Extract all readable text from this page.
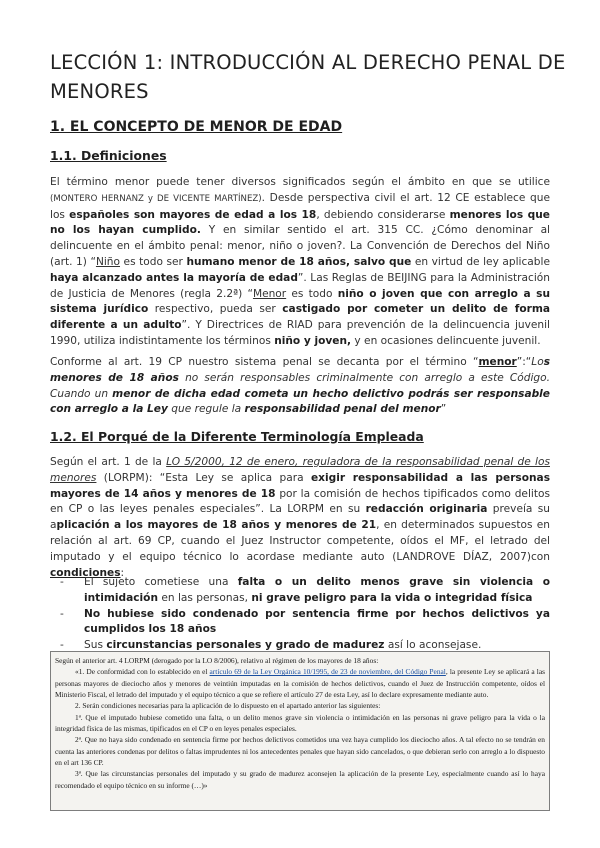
LECCIÓN 1: INTRODUCCIÓN AL DERECHO PENAL DE MENORES
1. EL CONCEPTO DE MENOR DE EDAD
1.1. Definiciones
El término menor puede tener diversos significados según el ámbito en que se utilice (MONTERO HERNANZ y DE VICENTE MARTÍNEZ). Desde perspectiva civil el art. 12 CE establece que los españoles son mayores de edad a los 18, debiendo considerarse menores los que no los hayan cumplido. Y en similar sentido el art. 315 CC. ¿Cómo denominar al delincuente en el ámbito penal: menor, niño o joven?. La Convención de Derechos del Niño (art. 1) “Niño es todo ser humano menor de 18 años, salvo que en virtud de ley aplicable haya alcanzado antes la mayoría de edad”. Las Reglas de BEIJING para la Administración de Justicia de Menores (regla 2.2ª) “Menor es todo niño o joven que con arreglo a su sistema jurídico respectivo, pueda ser castigado por cometer un delito de forma diferente a un adulto”. Y Directrices de RIAD para prevención de la delincuencia juvenil 1990, utiliza indistintamente los términos niño y joven, y en ocasiones delincuente juvenil.
Conforme al art. 19 CP nuestro sistema penal se decanta por el término “menor”:“Los menores de 18 años no serán responsables criminalmente con arreglo a este Código. Cuando un menor de dicha edad cometa un hecho delictivo podrás ser responsable con arreglo a la Ley que regule la responsabilidad penal del menor”
1.2. El Porqué de la Diferente Terminología Empleada
Según el art. 1 de la LO 5/2000, 12 de enero, reguladora de la responsabilidad penal de los menores (LORPM): “Esta Ley se aplica para exigir responsabilidad a las personas mayores de 14 años y menores de 18 por la comisión de hechos tipificados como delitos en CP o las leyes penales especiales”. La LORPM en su redacción originaria preveía su aplicación a los mayores de 18 años y menores de 21, en determinados supuestos en relación al art. 69 CP, cuando el Juez Instructor competente, oídos el MF, el letrado del imputado y el equipo técnico lo acordase mediante auto (LANDROVE DÍAZ, 2007)con condiciones:
- El sujeto cometiese una falta o un delito menos grave sin violencia o intimidación en las personas, ni grave peligro para la vida o integridad física
- No hubiese sido condenado por sentencia firme por hechos delictivos ya cumplidos los 18 años
- Sus circunstancias personales y grado de madurez así lo aconsejase.

Según el anterior art. 4 LORPM (derogado por la LO 8/2006), relativo al régimen de los mayores de 18 años:

«1. De conformidad con lo establecido en el artículo 69 de la Ley Orgánica 10/1995, de 23 de noviembre, del Código Penal, la presente Ley se aplicará a las personas mayores de dieciocho años y menores de veintiún imputadas en la comisión de hechos delictivos, cuando el Juez de Instrucción competente, oídos el Ministerio Fiscal, el letrado del imputado y el equipo técnico a que se refiere el artículo 27 de esta Ley, así lo declare expresamente mediante auto.

2. Serán condiciones necesarias para la aplicación de lo dispuesto en el apartado anterior las siguientes:

1ª. Que el imputado hubiese cometido una falta, o un delito menos grave sin violencia o intimidación en las personas ni grave peligro para la vida o la integridad física de las mismas, tipificados en el CP o en leyes penales especiales.

2ª. Que no haya sido condenado en sentencia firme por hechos delictivos cometidos una vez haya cumplido los dieciocho años. A tal efecto no se tendrán en cuenta las anteriores condenas por delitos o faltas imprudentes ni los antecedentes penales que hayan sido cancelados, o que debieran serlo con arreglo a lo dispuesto en el art 136 CP.

3ª. Que las circunstancias personales del imputado y su grado de madurez aconsejen la aplicación de la presente Ley, especialmente cuando así lo haya recomendado el equipo técnico en su informe (…)»
